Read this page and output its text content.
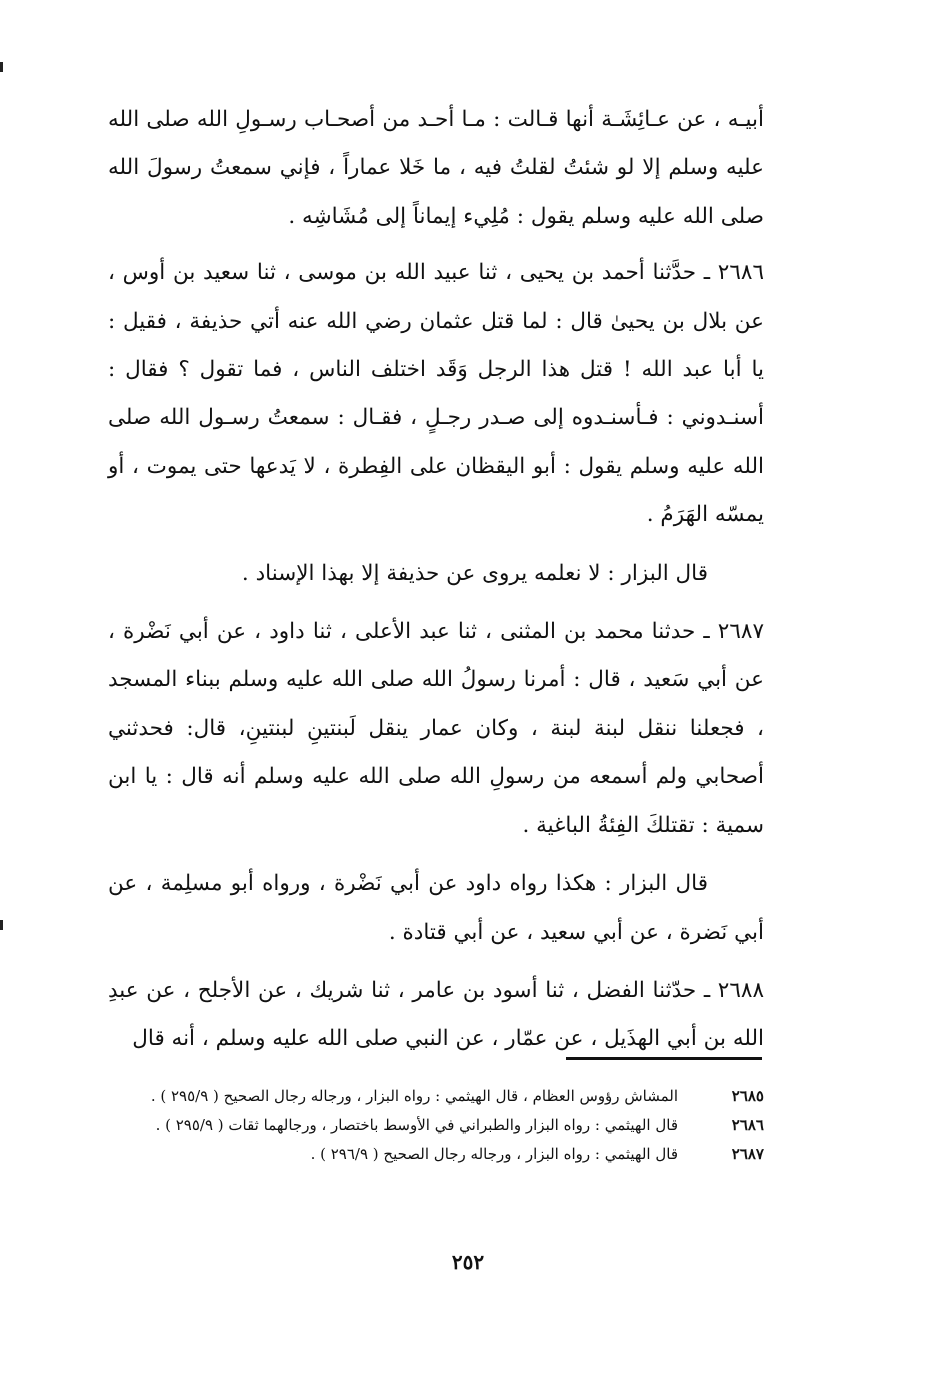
أبيـه ، عن عـائِشَـة أنها قـالت : مـا أحـد من أصحـاب رسـولِ الله صلى الله عليه وسلم إلا لو شئتُ لقلتُ فيه ، ما خَلا عماراً ، فإني سمعتُ رسولَ الله صلى الله عليه وسلم يقول : مُلِيء إيماناً إلى مُشَاشِه .

٢٦٨٦ ـ حدَّثنا أحمد بن يحيى ، ثنا عبيد الله بن موسى ، ثنا سعيد بن أوس ، عن بلال بن يحيىٰ قال : لما قتل عثمان رضي الله عنه أتي حذيفة ، فقيل : يا أبا عبد الله ! قتل هذا الرجل وَقَد اختلف الناس ، فما تقول ؟ فقال : أسنـدوني : فـأسنـدوه إلى صـدر رجـلٍ ، فقـال : سمعتُ رسـول الله صلى الله عليه وسلم يقول : أبو اليقظان على الفِطرة ، لا يَدعها حتى يموت ، أو يمسّه الهَرَمُ .

قال البزار : لا نعلمه يروى عن حذيفة إلا بهذا الإسناد .

٢٦٨٧ ـ حدثنا محمد بن المثنى ، ثنا عبد الأعلى ، ثنا داود ، عن أبي نَضْرة ، عن أبي سَعيد ، قال : أمرنا رسولُ الله صلى الله عليه وسلم ببناء المسجد ، فجعلنا ننقل لبنة لبنة ، وكان عمار ينقل لَبنتينِ لبنتينِ، قال: فحدثني أصحابي ولم أسمعه من رسولِ الله صلى الله عليه وسلم أنه قال : يا ابن سمية : تقتلكَ الفِئةُ الباغية .

قال البزار : هكذا رواه داود عن أبي نَضْرة ، ورواه أبو مسلِمة ، عن أبي نَضرة ، عن أبي سعيد ، عن أبي قتادة .

٢٦٨٨ ـ حدّثنا الفضل ، ثنا أسود بن عامر ، ثنا شريك ، عن الأجلح ، عن عبدِ الله بن أبي الهذَيل ، عن عمّار ، عن النبي صلى الله عليه وسلم ، أنه قال

٢٦٨٥
المشاش رؤوس العظام ، قال الهيثمي : رواه البزار ، ورجاله رجال الصحيح ( ٢٩٥/٩ ) .
٢٦٨٦
قال الهيثمي : رواه البزار والطبراني في الأوسط باختصار ، ورجالهما ثقات ( ٢٩٥/٩ ) .
٢٦٨٧
قال الهيثمي : رواه البزار ، ورجاله رجال الصحيح ( ٢٩٦/٩ ) .
٢٥٢
